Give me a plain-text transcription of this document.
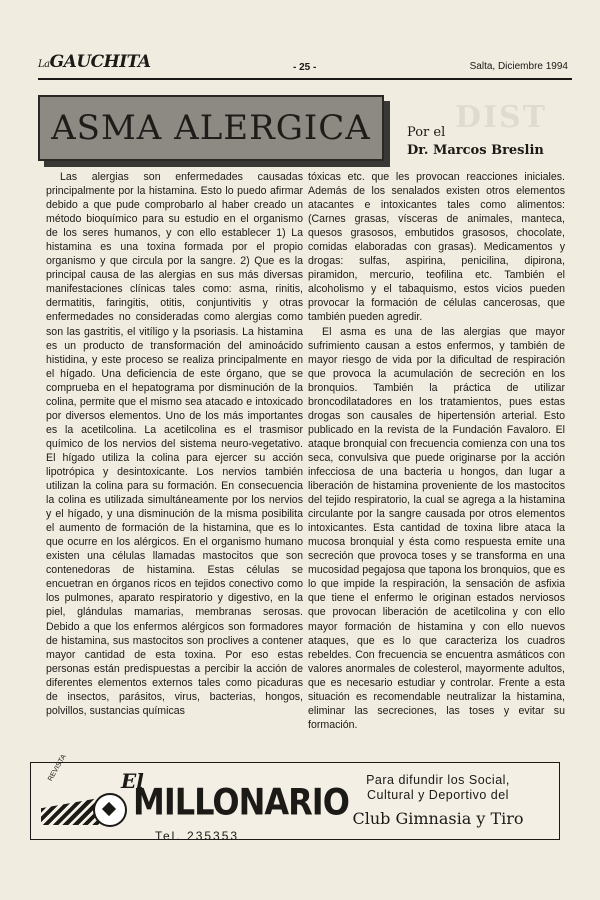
LaGAUCHITA	- 25 -	Salta, Diciembre 1994
DIST
ASMA ALERGICA	Por el
Dr. Marcos Breslin

Las alergias son enfermedades causadas principalmente por la histamina. Esto lo puedo afirmar debido a que pude comprobarlo al haber creado un método bioquímico para su estudio en el organismo de los seres humanos, y con ello establecer 1) La histamina es una toxina formada por el propio organismo y que circula por la sangre. 2) Que es la principal causa de las alergias en sus más diversas manifestaciones clínicas tales como: asma, rinitis, dermatitis, faringitis, otitis, conjuntivitis y otras enfermedades no consideradas como alergias como son las gastritis, el vitíligo y la psoriasis. La histamina es un producto de transformación del aminoácido histidina, y este proceso se realiza principalmente en el hígado. Una deficiencia de este órgano, que se comprueba en el hepatograma por disminución de la colina, permite que el mismo sea atacado e intoxicado por diversos elementos. Uno de los más importantes es la acetilcolina. La acetilcolina es el trasmisor químico de los nervios del sistema neuro-vegetativo. El hígado utiliza la colina para ejercer su acción lipotrópica y desintoxicante. Los nervios también utilizan la colina para su formación. En consecuencia la colina es utilizada simultáneamente por los nervios y el hígado, y una disminución de la misma posibilita el aumento de formación de la histamina, que es lo que ocurre en los alérgicos. En el organismo humano existen una células llamadas mastocitos que son contenedoras de histamina. Estas células se encuetran en órganos ricos en tejidos conectivo como los pulmones, aparato respiratorio y digestivo, en la piel, glándulas mamarias, membranas serosas. Debido a que los enfermos alérgicos son formadores de histamina, sus mastocitos son proclives a contener mayor cantidad de esta toxina. Por eso estas personas están predispuestas a percibir la acción de diferentes elementos externos tales como picaduras de insectos, parásitos, virus, bacterias, hongos, polvillos, sustancias químicas

tóxicas etc. que les provocan reacciones iniciales. Además de los senalados existen otros elementos atacantes e intoxicantes tales como alimentos: (Carnes grasas, vísceras de animales, manteca, quesos grasosos, embutidos grasosos, chocolate, comidas elaboradas con grasas). Medicamentos y drogas: sulfas, aspirina, penicilina, dipirona, piramidon, mercurio, teofilina etc. También el alcoholismo y el tabaquismo, estos vicios pueden provocar la formación de células cancerosas, que también pueden agredir.

El asma es una de las alergias que mayor sufrimiento causan a estos enfermos, y también de mayor riesgo de vida por la dificultad de respiración que provoca la acumulación de secreción en los bronquios. También la práctica de utilizar broncodilatadores en los tratamientos, pues estas drogas son causales de hipertensión arterial. Esto publicado en la revista de la Fundación Favaloro. El ataque bronquial con frecuencia comienza con una tos seca, convulsiva que puede originarse por la acción infecciosa de una bacteria u hongos, dan lugar a liberación de histamina proveniente de los mastocitos del tejido respiratorio, la cual se agrega a la histamina circulante por la sangre causada por otros elementos intoxicantes. Esta cantidad de toxina libre ataca la mucosa bronquial y ésta como respuesta emite una secreción que provoca toses y se transforma en una mucosidad pegajosa que tapona los bronquios, que es lo que impide la respiración, la sensación de asfixia que tiene el enfermo le originan estados nerviosos que provocan liberación de acetilcolina y con ello mayor formación de histamina y con ello nuevos ataques, que es lo que caracteriza los cuadros rebeldes. Con frecuencia se encuentra asmáticos con valores anormales de colesterol, mayormente adultos, que es necesario estudiar y controlar. Frente a esta situación es recomendable neutralizar la histamina, eliminar las secreciones, las toses y evitar su formación.

REVISTA	El
MILLONARIO
Tel. 235353
Para difundir los Social,
Cultural y Deportivo del
Club Gimnasia y Tiro
